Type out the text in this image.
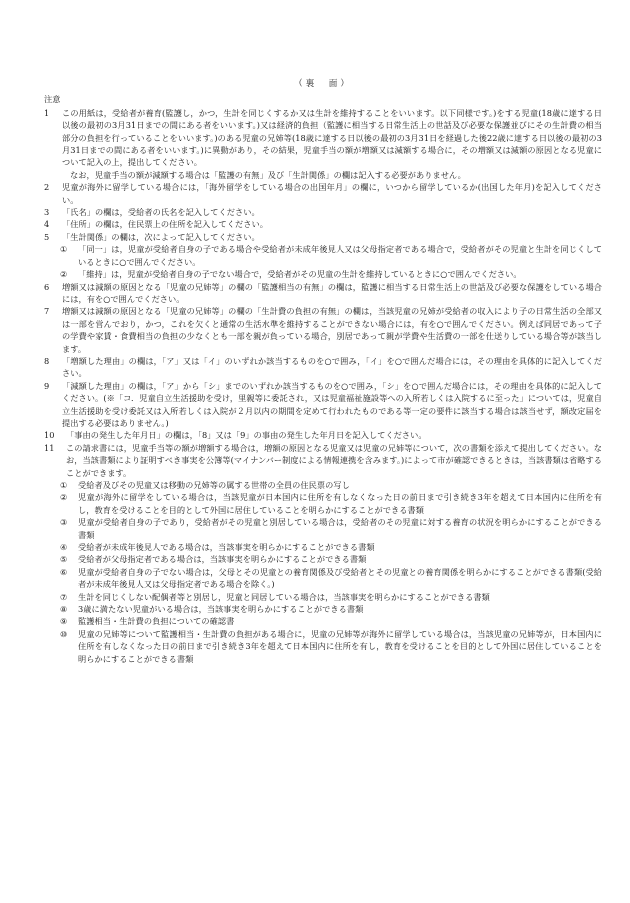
（裏　面）
注意
1	この用紙は，受給者が養育(監護し，かつ，生計を同じくするか又は生計を維持することをいいます。以下同様です。)をする児童(18歳に達する日以後の最初の3月31日までの間にある者をいいます。)又は経済的負担（監護に相当する日常生活上の世話及び必要な保護並びにその生計費の相当部分の負担を行っていることをいいます。)のある児童の兄姉等(18歳に達する日以後の最初の3月31日を経過した後22歳に達する日以後の最初の3月31日までの間にある者をいいます。)に異動があり，その結果，児童手当の額が増額又は減額する場合に，その増額又は減額の原因となる児童について記入の上，提出してください。
なお，児童手当の額が減額する場合は「監護の有無」及び「生計関係」の欄は記入する必要がありません。
2	児童が海外に留学している場合には，「海外留学をしている場合の出国年月」の欄に，いつから留学しているか(出国した年月)を記入してください。
3	「氏名」の欄は，受給者の氏名を記入してください。
4	「住所」の欄は，住民票上の住所を記入してください。
5	「生計関係」の欄は，次によって記入してください。
①	「同一」は，児童が受給者自身の子である場合や受給者が未成年後見人又は父母指定者である場合で，受給者がその児童と生計を同じくしているときに○で囲んでください。
②	「維持」は，児童が受給者自身の子でない場合で，受給者がその児童の生計を維持しているときに○で囲んでください。
6	増額又は減額の原因となる「児童の兄姉等」の欄の「監護相当の有無」の欄は，監護に相当する日常生活上の世話及び必要な保護をしている場合には，有を○で囲んでください。
7	増額又は減額の原因となる「児童の兄姉等」の欄の「生計費の負担の有無」の欄は，当該児童の兄姉が受給者の収入により子の日常生活の全部又は一部を営んでおり，かつ，これを欠くと通常の生活水準を維持することができない場合には，有を○で囲んでください。例えば同居であって子の学費や家賃・食費相当の負担の少なくとも一部を親が負っている場合，別居であって親が学費や生活費の一部を仕送りしている場合等が該当します。
8	「増額した理由」の欄は，「ア」又は「イ」のいずれか該当するものを○で囲み，「イ」を○で囲んだ場合には，その理由を具体的に記入してください。
9	「減額した理由」の欄は，「ア」から「シ」までのいずれか該当するものを○で囲み，「シ」を○で囲んだ場合には，その理由を具体的に記入してください。(※「コ．児童自立生活援助を受け，里親等に委託され，又は児童福祉施設等への入所若しくは入院するに至った」については，児童自立生活援助を受け委託又は入所若しくは入院が２月以内の期間を定めて行われたものである等一定の要件に該当する場合は該当せず，額改定届を提出する必要はありません。)
10	「事由の発生した年月日」の欄は，「8」又は「9」の事由の発生した年月日を記入してください。
11	この請求書には，児童手当等の額が増額する場合は，増額の原因となる児童又は児童の兄姉等について，次の書類を添えて提出してください。なお，当該書類により証明すべき事実を公簿等(マイナンバー制度による情報連携を含みます。)によって市が確認できるときは，当該書類は省略することができます。
①	受給者及びその児童又は移動の兄姉等の属する世帯の全員の住民票の写し
②	児童が海外に留学をしている場合は，当該児童が日本国内に住所を有しなくなった日の前日まで引き続き3年を超えて日本国内に住所を有し，教育を受けることを目的として外国に居住していることを明らかにすることができる書類
③	児童が受給者自身の子であり，受給者がその児童と別居している場合は，受給者のその児童に対する養育の状況を明らかにすることができる書類
④	受給者が未成年後見人である場合は，当該事実を明らかにすることができる書類
⑤	受給者が父母指定者である場合は，当該事実を明らかにすることができる書類
⑥	児童が受給者自身の子でない場合は，父母とその児童との養育関係及び受給者とその児童との養育関係を明らかにすることができる書類(受給者が未成年後見人又は父母指定者である場合を除く。)
⑦	生計を同じくしない配偶者等と別居し，児童と同居している場合は，当該事実を明らかにすることができる書類
⑧	3歳に満たない児童がいる場合は，当該事実を明らかにすることができる書類
⑨	監護相当・生計費の負担についての確認書
⑩	児童の兄姉等について監護相当・生計費の負担がある場合に，児童の兄姉等が海外に留学している場合は，当該児童の兄姉等が，日本国内に住所を有しなくなった日の前日まで引き続き3年を超えて日本国内に住所を有し，教育を受けることを目的として外国に居住していることを明らかにすることができる書類
